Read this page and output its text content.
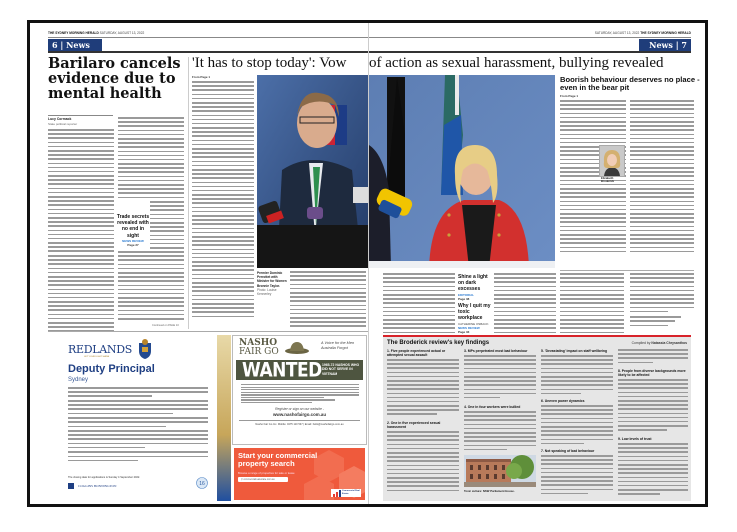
THE SYDNEY MORNING HERALD SATURDAY, AUGUST 13, 2022
6 | News
Barilaro cancels evidence due to mental health
Lucy Cormack
State political reporter
Trade secrets revealed with no end in sight
NEWS REVIEW
Page 27
Continued on PAGE 10
'It has to stop today': Vow
From Page 1
Premier Dominic Perrottet with Minister for Women Bronnie Taylor.
Photo: Louise Kennerley
REDLANDS
LET YOUR LIGHT SHINE
Deputy Principal
Sydney
The closing date for applications is Sunday 4 September 2022.
COGGINS BONNINGTON	16
NASHO
FAIR GO
A Voice for the Men Australia Forgot
WANTED 1965-72 NASHOS WHO DID NOT SERVE IN VIETNAM
Register or sign on our website -
www.nashofairgo.com.au
Nasho Fair Go Inc. Mobile: 0475 110 537 | Email: hello@nashofairgo.com.au
Start your commercial property search
Browse a range of properties for sale or lease
⚲ commercialrealestate.com.au
Commercial Real Estate
SATURDAY, AUGUST 13, 2022 THE SYDNEY MORNING HERALD
News | 7
of action as sexual harassment, bullying revealed
Boorish behaviour deserves no place - even in the bear pit
From Page 1
Elizabeth Broderick
Shine a light on dark excesses
EDITORIAL
Page 38
Why I quit my toxic workplace
CATHERINE OSBACK
NEWS REVIEW
Page 33
The Broderick review's key findings	Compiled by Natassia Chrysanthos
1. Five people experienced actual or attempted sexual assault
2. One in five experienced sexual harassment
3. MPs perpetrated most bad behaviour
4. One in four workers were bullied
Toxic culture: NSW Parliament House.
5. 'Devastating' impact on staff wellbeing
6. Uneven power dynamics
7. Not speaking of bad behaviour
8. People from diverse backgrounds more likely to be affected
9. Low levels of trust
